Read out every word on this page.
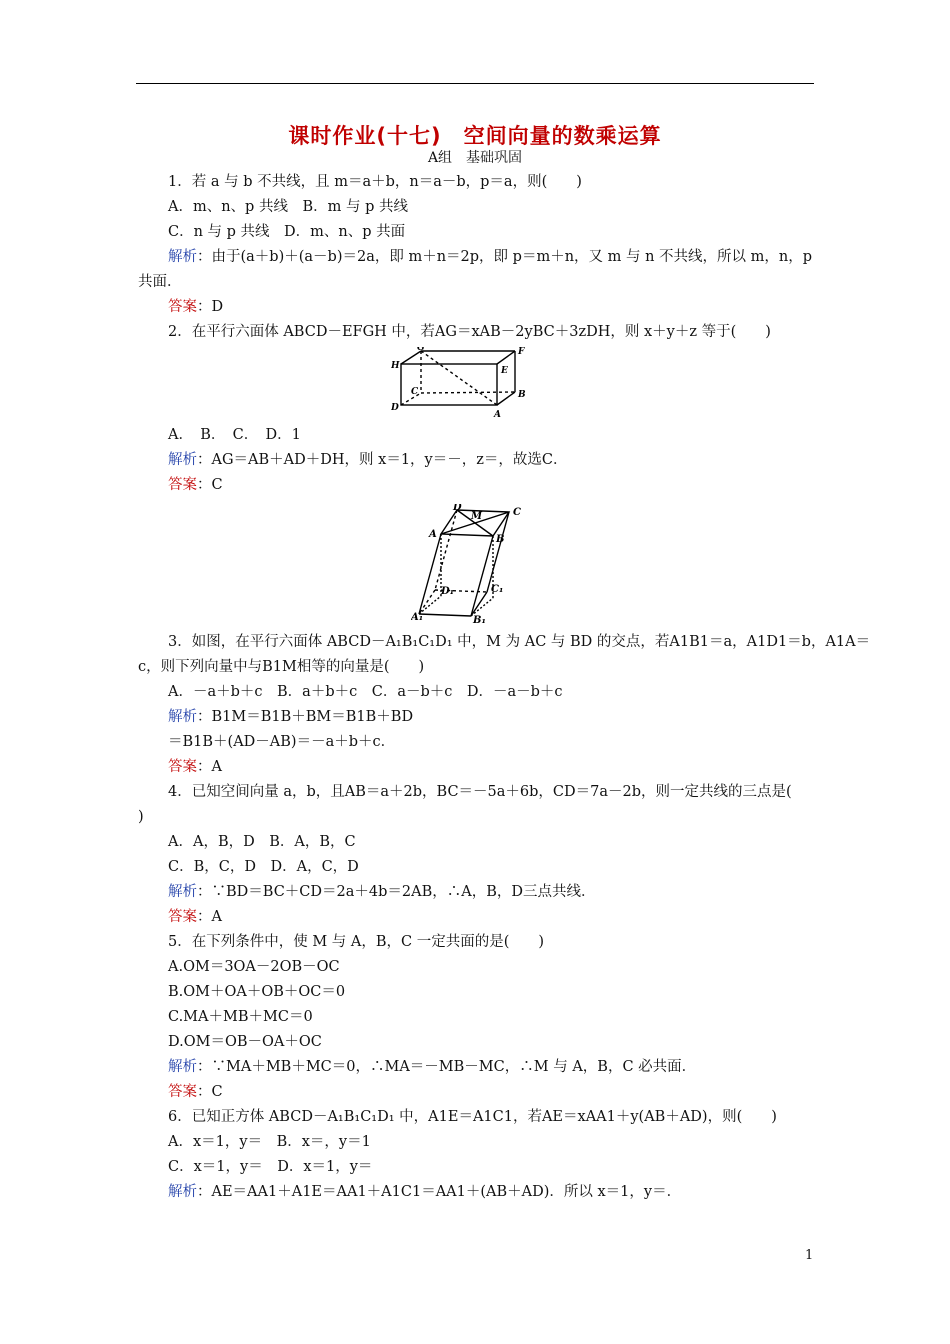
课时作业(十七)　空间向量的数乘运算
A组　基础巩固
1．若 a 与 b 不共线，且 m＝a＋b，n＝a－b，p＝a，则(　　)
A．m、n、p 共线　B．m 与 p 共线
C．n 与 p 共线　D．m、n、p 共面
解析：由于(a＋b)＋(a－b)＝2a，即 m＋n＝2p，即 p＝m＋n，又 m 与 n 不共线，所以 m，n，p
共面．
答案：D
2．在平行六面体 ABCD－EFGH 中，若AG＝xAB－2yBC＋3zDH，则 x＋y＋z 等于(　　)
G	F
H	E
C	B
D
A
A．　B．　C．　D．1
解析：AG＝AB＋AD＋DH，则 x＝1，y＝－，z＝，故选C．
答案：C
D
M	C
A	B
D₁	C₁
A₁	B₁
3．如图，在平行六面体 ABCD－A₁B₁C₁D₁ 中，M 为 AC 与 BD 的交点，若A1B1＝a，A1D1＝b，A1A＝
c，则下列向量中与B1M相等的向量是(　　)
A．－a＋b＋c　B．a＋b＋c　C．a－b＋c　D．－a－b＋c
解析：B1M＝B1B＋BM＝B1B＋BD
＝B1B＋(AD－AB)＝－a＋b＋c．
答案：A
4．已知空间向量 a，b，且AB＝a＋2b，BC＝－5a＋6b，CD＝7a－2b，则一定共线的三点是(
)
A．A，B，D　B．A，B，C
C．B，C，D　D．A，C，D
解析：∵BD＝BC＋CD＝2a＋4b＝2AB，∴A，B，D三点共线．
答案：A
5．在下列条件中，使 M 与 A，B，C 一定共面的是(　　)
A.OM＝3OA－2OB－OC
B.OM＋OA＋OB＋OC＝0
C.MA＋MB＋MC＝0
D.OM＝OB－OA＋OC
解析：∵MA＋MB＋MC＝0，∴MA＝－MB－MC，∴M 与 A，B，C 必共面．
答案：C
6．已知正方体 ABCD－A₁B₁C₁D₁ 中，A1E＝A1C1，若AE＝xAA1＋y(AB＋AD)，则(　　)
A．x＝1，y＝　B．x＝，y＝1
C．x＝1，y＝　D．x＝1，y＝
解析：AE＝AA1＋A1E＝AA1＋A1C1＝AA1＋(AB＋AD)．所以 x＝1，y＝．
1
